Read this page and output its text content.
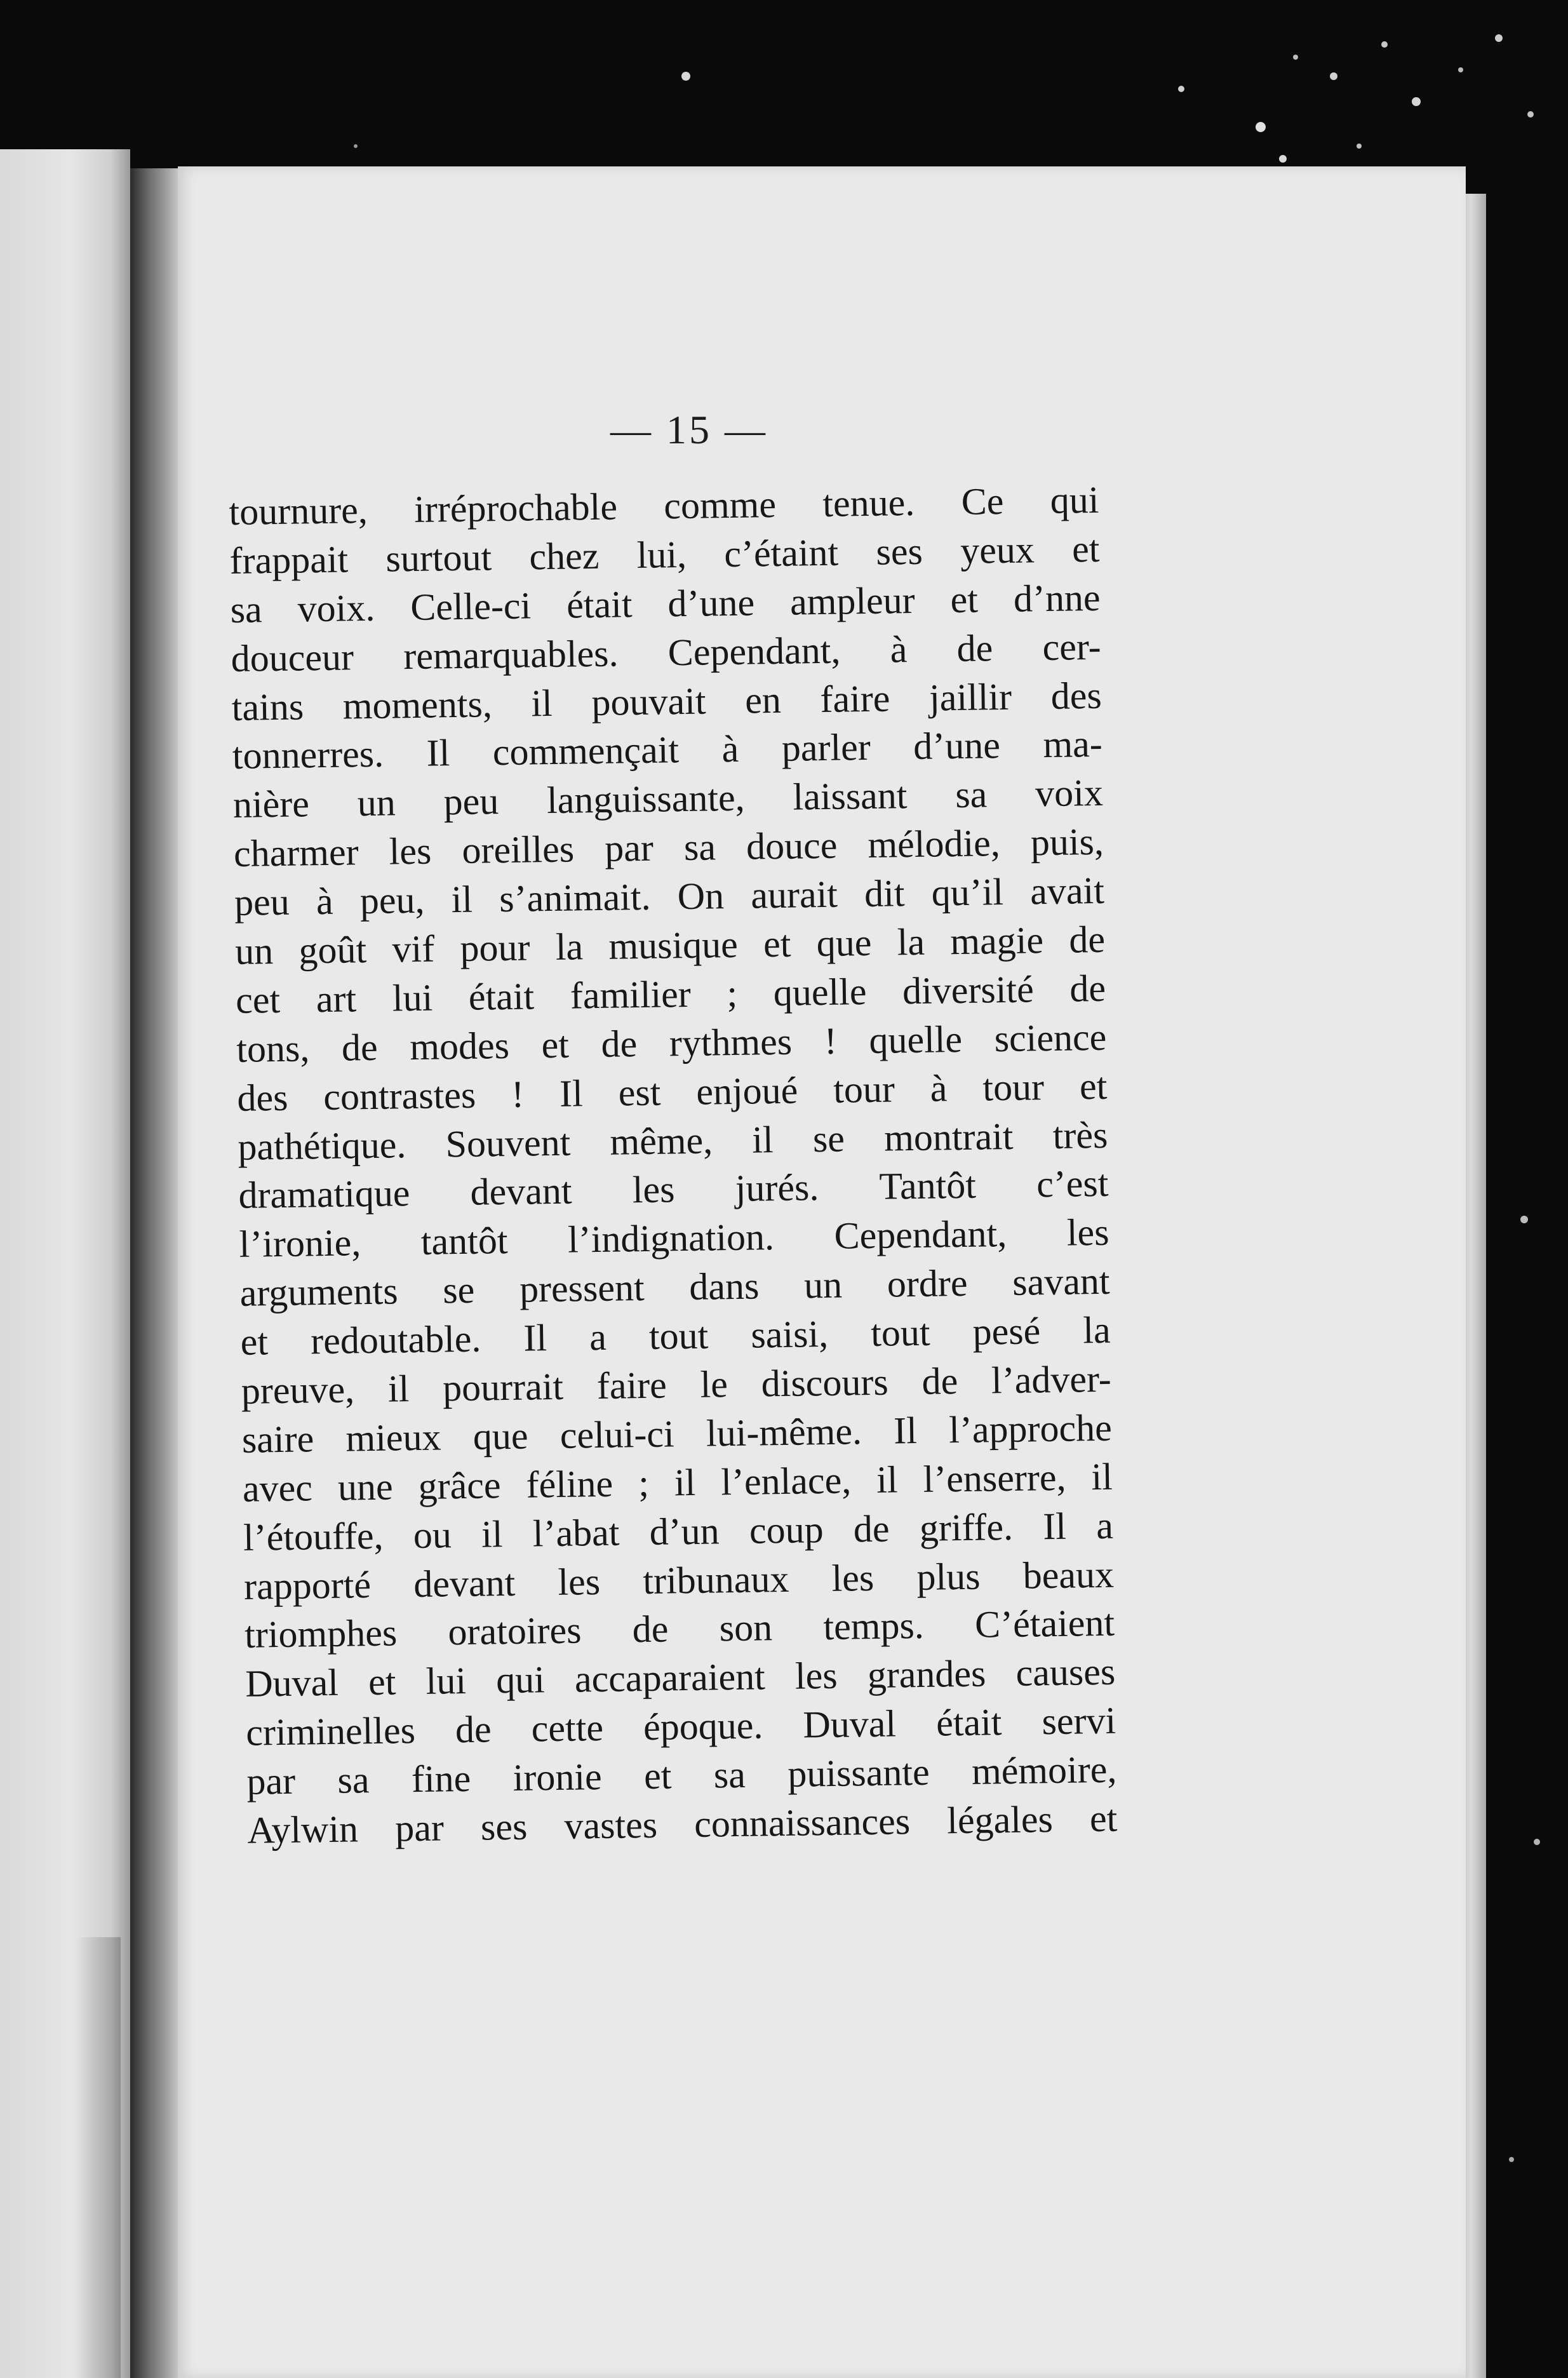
— 15 —
tournure, irréprochable comme tenue. Ce qui
frappait surtout chez lui, c’étaint ses yeux et
sa voix. Celle-ci était d’une ampleur et d’nne
douceur remarquables. Cependant, à de cer-
tains moments, il pouvait en faire jaillir des
tonnerres. Il commençait à parler d’une ma-
nière un peu languissante, laissant sa voix
charmer les oreilles par sa douce mélodie, puis,
peu à peu, il s’animait. On aurait dit qu’il avait
un goût vif pour la musique et que la magie de
cet art lui était familier ; quelle diversité de
tons, de modes et de rythmes ! quelle science
des contrastes ! Il est enjoué tour à tour et
pathétique. Souvent même, il se montrait très
dramatique devant les jurés. Tantôt c’est
l’ironie, tantôt l’indignation. Cependant, les
arguments se pressent dans un ordre savant
et redoutable. Il a tout saisi, tout pesé la
preuve, il pourrait faire le discours de l’adver-
saire mieux que celui-ci lui-même. Il l’approche
avec une grâce féline ; il l’enlace, il l’enserre, il
l’étouffe, ou il l’abat d’un coup de griffe. Il a
rapporté devant les tribunaux les plus beaux
triomphes oratoires de son temps. C’étaient
Duval et lui qui accaparaient les grandes causes
criminelles de cette époque. Duval était servi
par sa fine ironie et sa puissante mémoire,
Aylwin par ses vastes connaissances légales et
